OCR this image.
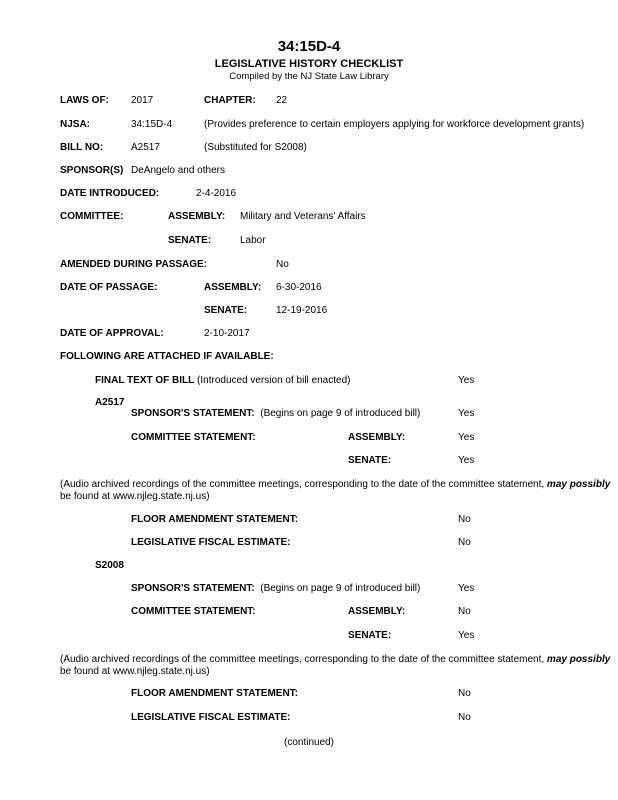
34:15D-4
LEGISLATIVE HISTORY CHECKLIST
Compiled by the NJ State Law Library
LAWS OF: 2017	CHAPTER: 22
NJSA:	34:15D-4	(Provides preference to certain employers applying for workforce development grants)
BILL NO:	A2517	(Substituted for S2008)
SPONSOR(S) DeAngelo and others
DATE INTRODUCED:	2-4-2016
COMMITTEE:	ASSEMBLY: Military and Veterans' Affairs
SENATE:	Labor
AMENDED DURING PASSAGE:	No
DATE OF PASSAGE:	ASSEMBLY: 6-30-2016
SENATE:	12-19-2016
DATE OF APPROVAL:	2-10-2017
FOLLOWING ARE ATTACHED IF AVAILABLE:
FINAL TEXT OF BILL (Introduced version of bill enacted)	Yes
A2517
SPONSOR'S STATEMENT: (Begins on page 9 of introduced bill)	Yes
COMMITTEE STATEMENT:	ASSEMBLY:	Yes
SENATE:	Yes
(Audio archived recordings of the committee meetings, corresponding to the date of the committee statement, may possibly
be found at www.njleg.state.nj.us)
FLOOR AMENDMENT STATEMENT:	No
LEGISLATIVE FISCAL ESTIMATE:	No
S2008
SPONSOR'S STATEMENT: (Begins on page 9 of introduced bill)	Yes
COMMITTEE STATEMENT:	ASSEMBLY:	No
SENATE:	Yes
(Audio archived recordings of the committee meetings, corresponding to the date of the committee statement, may possibly
be found at www.njleg.state.nj.us)
FLOOR AMENDMENT STATEMENT:	No
LEGISLATIVE FISCAL ESTIMATE:	No
(continued)
